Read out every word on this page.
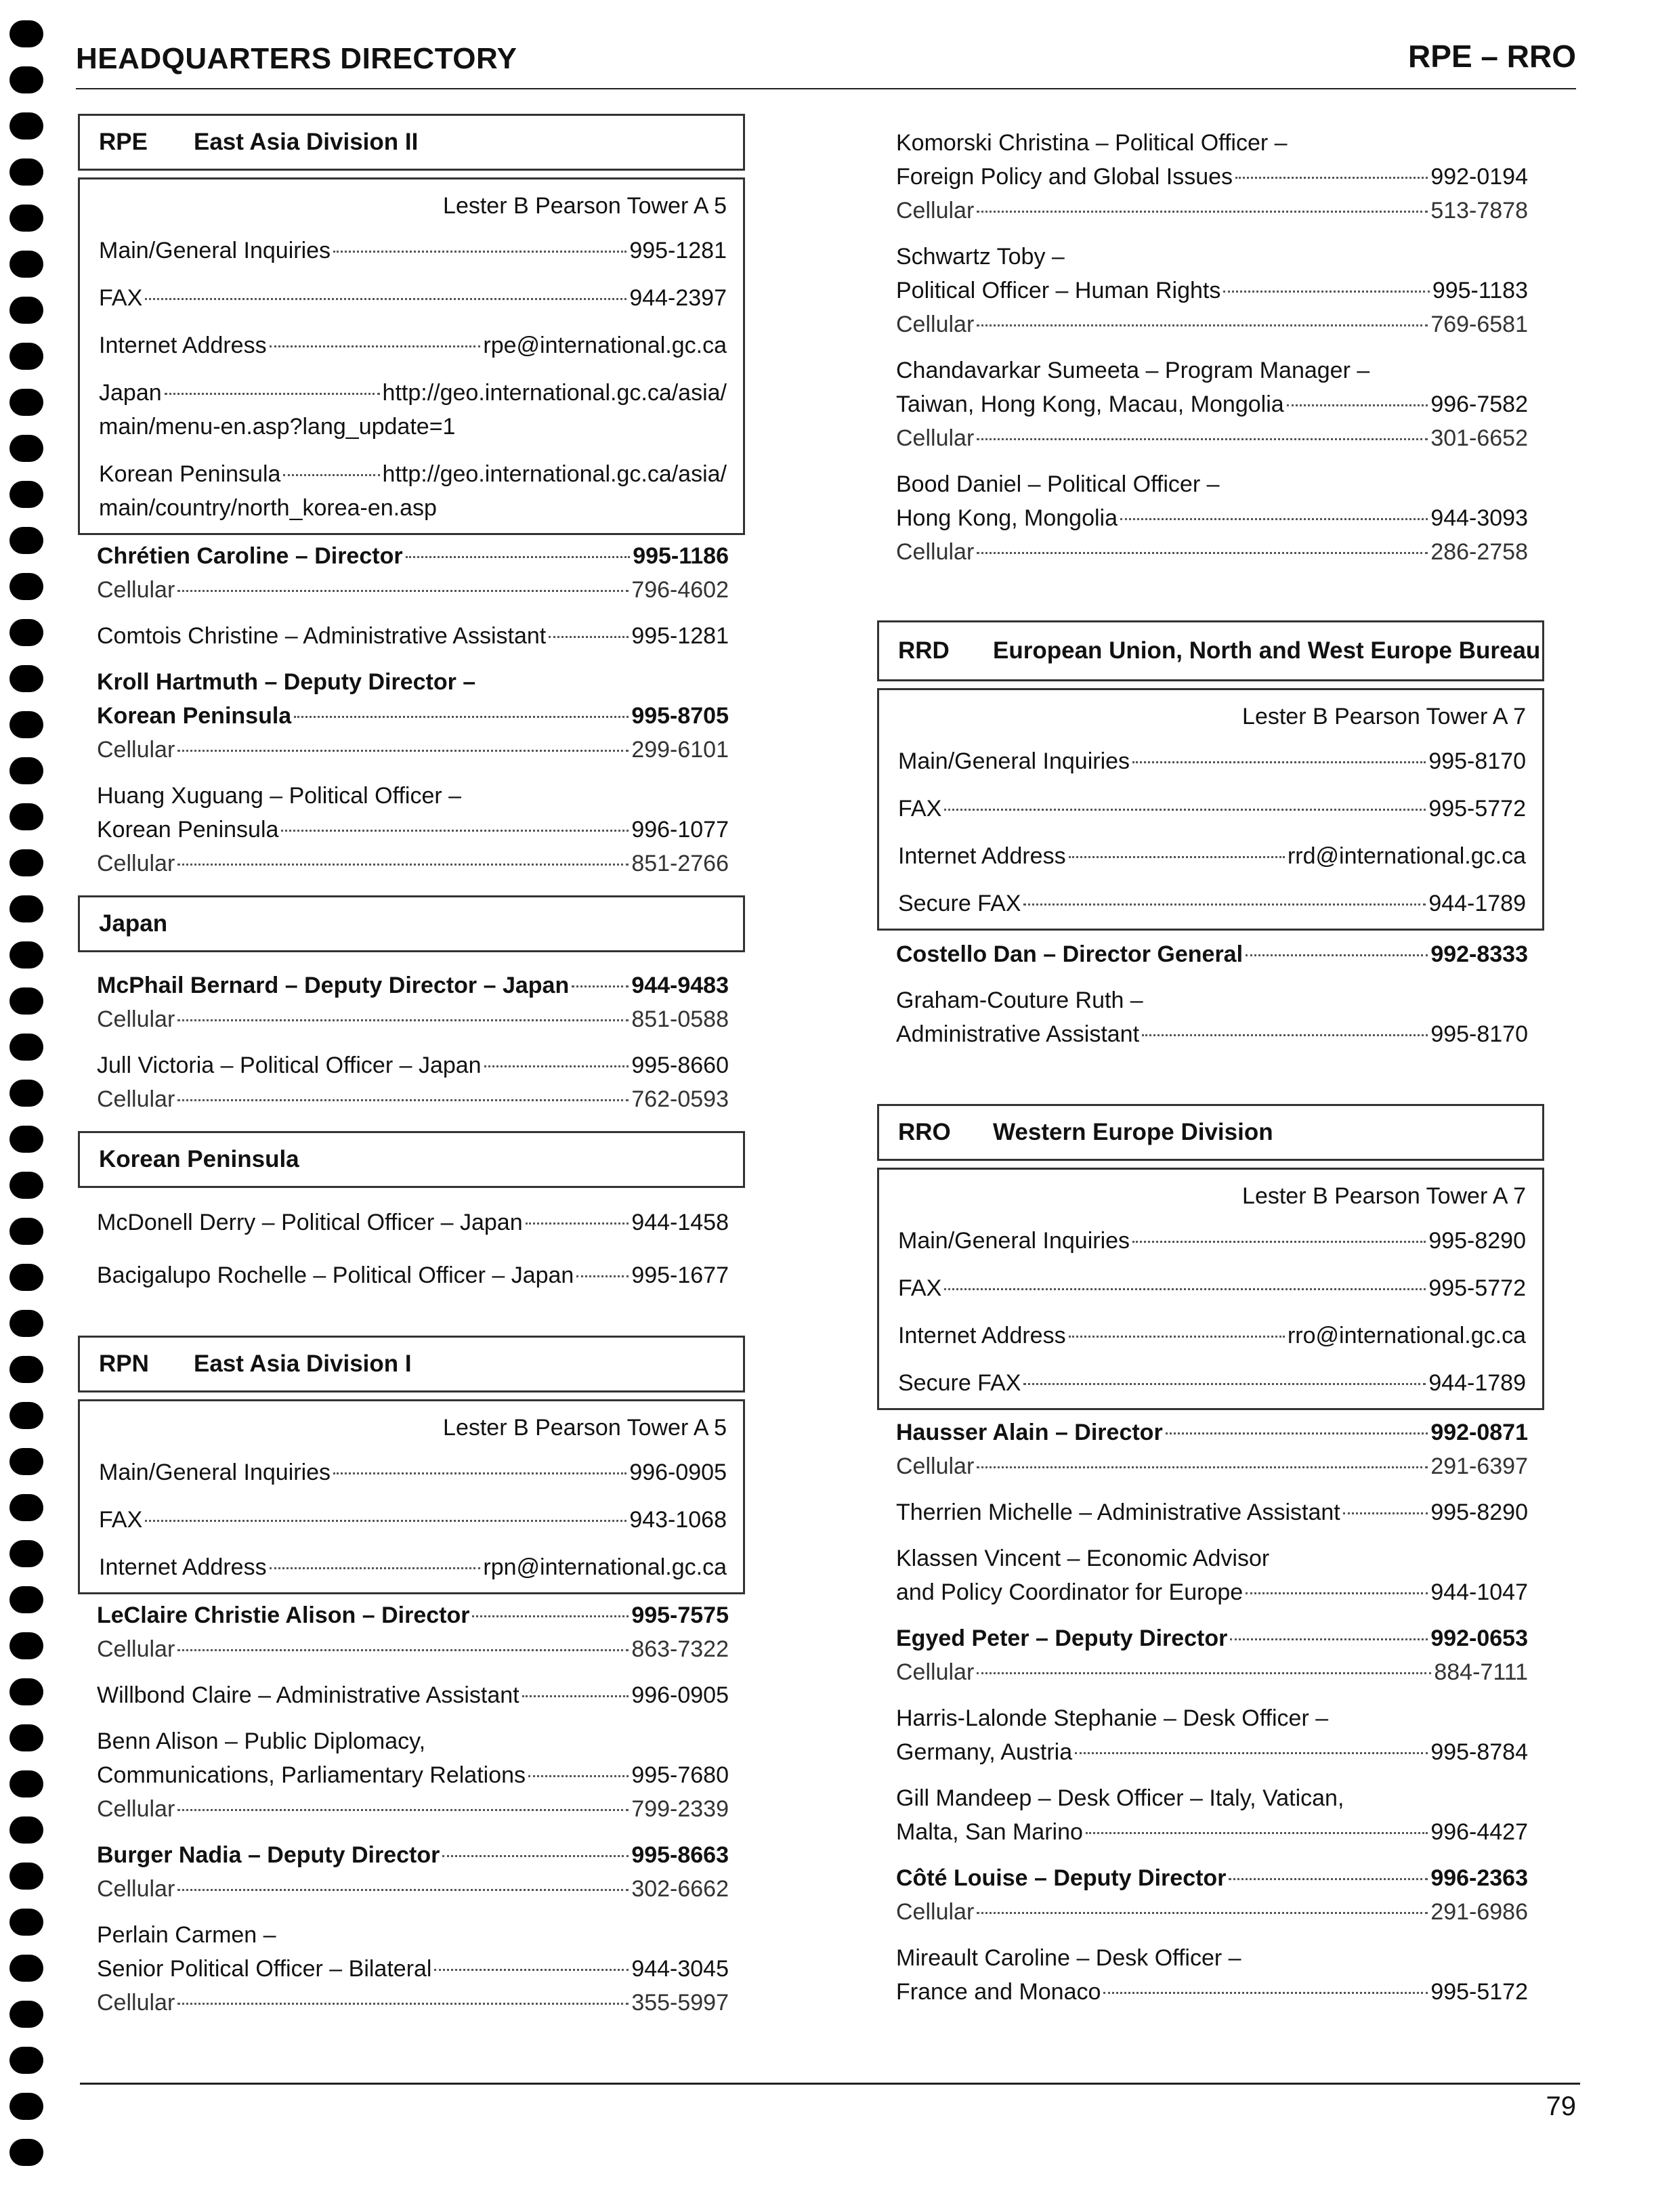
HEADQUARTERS DIRECTORY	RPE – RRO
RPE	East Asia Division II
Lester B Pearson Tower A 5
Main/General Inquiries	995-1281
FAX	944-2397
Internet Address	rpe@international.gc.ca
Japan	http://geo.international.gc.ca/asia/
main/menu-en.asp?lang_update=1
Korean Peninsula	http://geo.international.gc.ca/asia/
main/country/north_korea-en.asp
Chrétien Caroline – Director	995-1186
Cellular	796-4602
Comtois Christine – Administrative Assistant	995-1281
Kroll Hartmuth – Deputy Director –
Korean Peninsula	995-8705
Cellular	299-6101
Huang Xuguang – Political Officer –
Korean Peninsula	996-1077
Cellular	851-2766
Japan
McPhail Bernard – Deputy Director – Japan	944-9483
Cellular	851-0588
Jull Victoria – Political Officer – Japan	995-8660
Cellular	762-0593
Korean Peninsula
McDonell Derry – Political Officer – Japan	944-1458
Bacigalupo Rochelle – Political Officer – Japan 995-1677
RPN	East Asia Division I
Lester B Pearson Tower A 5
Main/General Inquiries	996-0905
FAX	943-1068
Internet Address	rpn@international.gc.ca
LeClaire Christie Alison – Director	995-7575
Cellular	863-7322
Willbond Claire – Administrative Assistant	996-0905
Benn Alison – Public Diplomacy,
Communications, Parliamentary Relations	995-7680
Cellular	799-2339
Burger Nadia – Deputy Director	995-8663
Cellular	302-6662
Perlain Carmen –
Senior Political Officer – Bilateral	944-3045
Cellular	355-5997
Komorski Christina – Political Officer –
Foreign Policy and Global Issues	992-0194
Cellular	513-7878
Schwartz Toby –
Political Officer – Human Rights	995-1183
Cellular	769-6581
Chandavarkar Sumeeta – Program Manager –
Taiwan, Hong Kong, Macau, Mongolia	996-7582
Cellular	301-6652
Bood Daniel – Political Officer –
Hong Kong, Mongolia	944-3093
Cellular	286-2758
RRD	European Union, North and West Europe Bureau
Lester B Pearson Tower A 7
Main/General Inquiries	995-8170
FAX	995-5772
Internet Address	rrd@international.gc.ca
Secure FAX	944-1789
Costello Dan – Director General	992-8333
Graham-Couture Ruth –
Administrative Assistant	995-8170
RRO	Western Europe Division
Lester B Pearson Tower A 7
Main/General Inquiries	995-8290
FAX	995-5772
Internet Address	rro@international.gc.ca
Secure FAX	944-1789
Hausser Alain – Director	992-0871
Cellular	291-6397
Therrien Michelle – Administrative Assistant	995-8290
Klassen Vincent – Economic Advisor
and Policy Coordinator for Europe	944-1047
Egyed Peter – Deputy Director	992-0653
Cellular	884-7111
Harris-Lalonde Stephanie – Desk Officer –
Germany, Austria	995-8784
Gill Mandeep – Desk Officer – Italy, Vatican,
Malta, San Marino	996-4427
Côté Louise – Deputy Director	996-2363
Cellular	291-6986
Mireault Caroline – Desk Officer –
France and Monaco	995-5172
79
